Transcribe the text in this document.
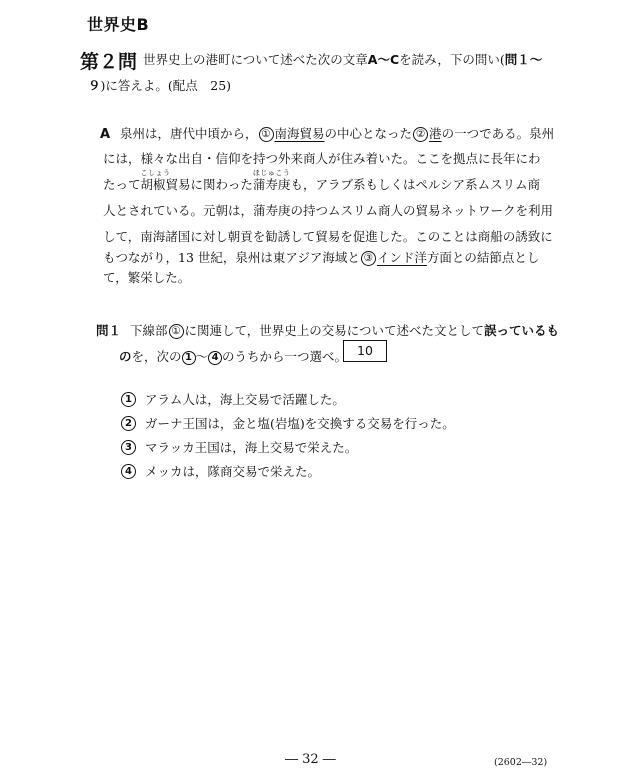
世界史B
第２問 世界史上の港町について述べた次の文章A～Cを読み，下の問い(問１～
９)に答えよ。(配点　25)
A 泉州は，唐代中頃から， ① 南海貿易の中心となった ② 港の一つである。泉州
には，様々な出自・信仰を持つ外来商人が住み着いた。ここを拠点に長年にわ
たって
こしょう
胡椒貿易に関わった
ほじゅこう
蒲寿庚も，アラブ系もしくはペルシア系ムスリム商
人とされている。元朝は，蒲寿庚の持つムスリム商人の貿易ネットワークを利用
して，南海諸国に対し朝貢を勧誘して貿易を促進した。このことは商船の誘致に
もつながり，13 世紀，泉州は東アジア海域と ③ インド洋方面との結節点とし
て，繁栄した。
問１ 下線部 ① に関連して，世界史上の交易について述べた文として誤っているも
のを，次の 1 ～ 4 のうちから一つ選べ。 10
1	アラム人は，海上交易で活躍した。
2	ガーナ王国は，金と塩(岩塩)を交換する交易を行った。
3	マラッカ王国は，海上交易で栄えた。
4	メッカは，隊商交易で栄えた。
― 32 ―	(2602―32)
